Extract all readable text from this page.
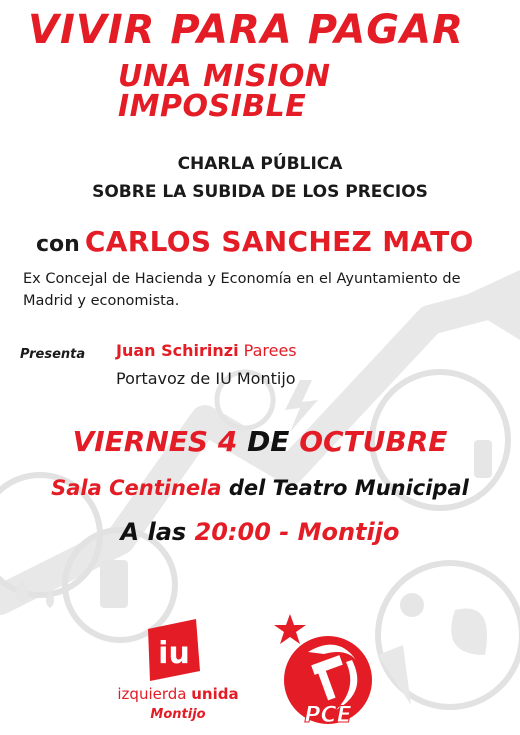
VIVIR PARA PAGAR
UNA MISION IMPOSIBLE
CHARLA PÚBLICA
SOBRE LA SUBIDA DE LOS PRECIOS
con CARLOS SANCHEZ MATO
Ex Concejal de Hacienda y Economía en el Ayuntamiento de Madrid y economista.
Presenta Juan Schirinzi Parees
Portavoz de IU Montijo
VIERNES 4 DE OCTUBRE
Sala Centinela del Teatro Municipal
A las 20:00 - Montijo
iu
izquierda unida
Montijo	PCE
